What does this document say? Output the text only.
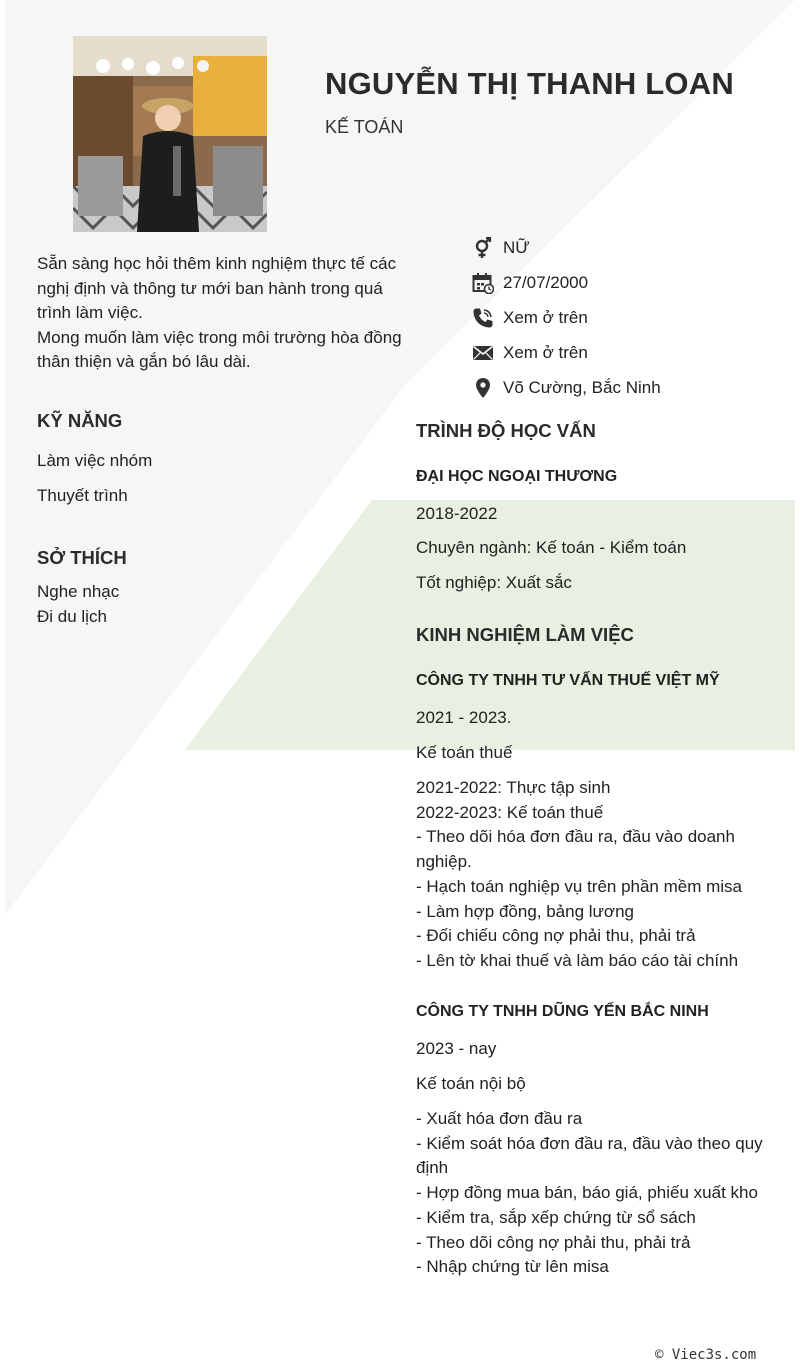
NGUYỄN THỊ THANH LOAN
KẾ TOÁN

Sẵn sàng học hỏi thêm kinh nghiệm thực tế các nghị định và thông tư mới ban hành trong quá trình làm việc.

Mong muốn làm việc trong môi trường hòa đồng thân thiện và gắn bó lâu dài.

KỸ NĂNG
Làm việc nhóm
Thuyết trình
SỞ THÍCH
Nghe nhạc
Đi du lịch
NỮ
27/07/2000
Xem ở trên
Xem ở trên
Võ Cường, Bắc Ninh
TRÌNH ĐỘ HỌC VẤN
ĐẠI HỌC NGOẠI THƯƠNG
2018-2022
Chuyên ngành: Kế toán - Kiểm toán
Tốt nghiệp: Xuất sắc
KINH NGHIỆM LÀM VIỆC
CÔNG TY TNHH TƯ VẤN THUẾ VIỆT MỸ
2021 - 2023.
Kế toán thuế
2021-2022: Thực tập sinh
2022-2023: Kế toán thuế
- Theo dõi hóa đơn đầu ra, đầu vào doanh nghiệp.
- Hạch toán nghiệp vụ trên phần mềm misa
- Làm hợp đồng, bảng lương
- Đối chiếu công nợ phải thu, phải trả
- Lên tờ khai thuế và làm báo cáo tài chính
CÔNG TY TNHH DŨNG YẾN BẮC NINH
2023 - nay
Kế toán nội bộ
- Xuất hóa đơn đầu ra
- Kiểm soát hóa đơn đầu ra, đầu vào theo quy định
- Hợp đồng mua bán, báo giá, phiếu xuất kho
- Kiểm tra, sắp xếp chứng từ sổ sách
- Theo dõi công nợ phải thu, phải trả
- Nhập chứng từ lên misa
© Viec3s.com
